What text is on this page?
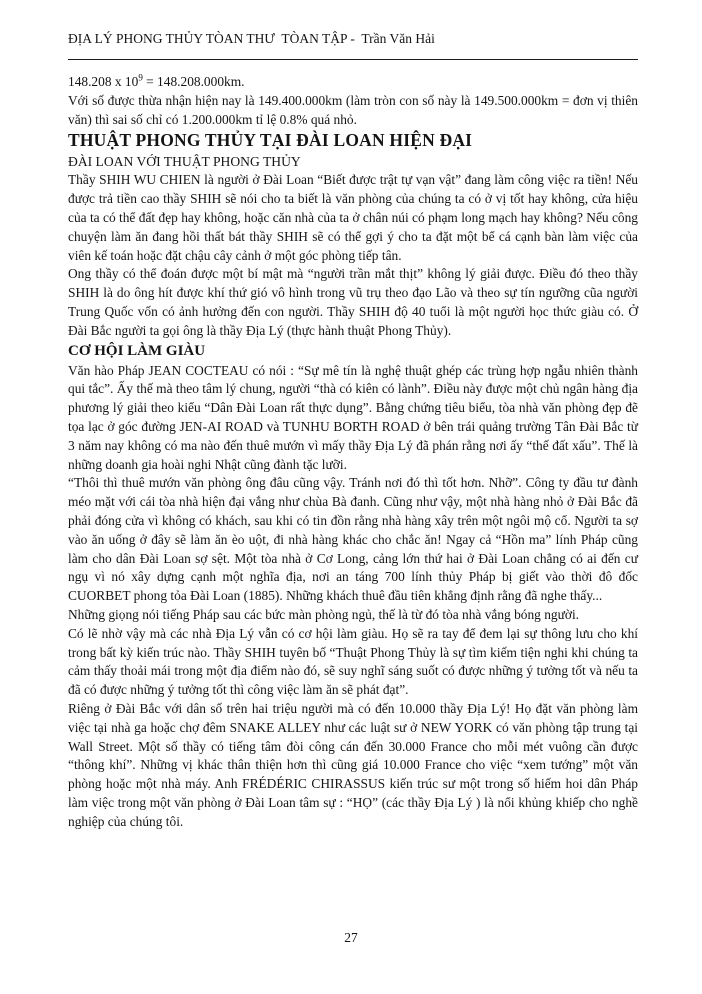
ĐỊA LÝ PHONG THỦY TÒAN THƯ  TÒAN TẬP -  Trần Văn Hải

148.208 x $10^9 = 148.208.000km$.

Với số được thừa nhận hiện nay là 149.400.000km (làm tròn con số này là 149.500.000km = đơn vị thiên văn) thì sai số chỉ có 1.200.000km tỉ lệ 0.8% quá nhỏ.

THUẬT PHONG THỦY TẠI ĐÀI LOAN HIỆN ĐẠI
ĐÀI LOAN VỚI THUẬT PHONG THỦY

Thầy SHIH WU CHIEN là người ở Đài Loan “Biết được trật tự vạn vật” đang làm công việc ra tiền! Nếu được trả tiền cao thầy SHIH sẽ nói cho ta biết là văn phòng của chúng ta có ở vị tốt hay không, cửa hiệu của ta có thể đất đẹp hay không, hoặc căn nhà của ta ở chân núi có phạm long mạch hay không? Nếu công chuyện làm ăn đang hồi thất bát thầy SHIH sẽ có thể gợi ý cho ta đặt một bể cá cạnh bàn làm việc của viên kế toán hoặc đặt chậu cây cảnh ở một góc phòng tiếp tân.

Ong thầy có thể đoán được một bí mật mà “người trần mắt thịt” không lý giải được. Điều đó theo thầy SHIH là do ông hít được khí thứ gió vô hình trong vũ trụ theo đạo Lão và theo sự tín ngưỡng cũa người Trung Quốc vốn có ảnh hưởng đến con người. Thầy SHIH độ 40 tuổi là một người học thức giàu có. Ở Đài Bắc người ta gọi ông là thầy Địa Lý (thực hành thuật Phong Thủy).

CƠ HỘI LÀM GIÀU

Văn hào Pháp JEAN COCTEAU có nói : “Sự mê tín là nghệ thuật ghép các trùng hợp ngẫu nhiên thành qui tắc”. Ấy thế mà theo tâm lý chung, người “thà có kiên có lành”. Điều này được một chủ ngân hàng địa phương lý giải theo kiểu “Dân Đài Loan rất thực dụng”. Bằng chứng tiêu biểu, tòa nhà văn phòng đẹp đẽ tọa lạc ở góc đường JEN-AI ROAD và TUNHU BORTH ROAD ở bên trái quảng trường Tân Đài Bắc từ 3 năm nay không có ma nào đến thuê mướn vì mấy thầy Địa Lý đã phán rằng nơi ấy “thế đất xấu”. Thế là những doanh gia hoài nghi Nhật cũng đành tặc lưỡi.

“Thôi thì thuê mướn văn phòng ông đâu cũng vậy. Tránh nơi đó thì tốt hơn. Nhỡ”. Công ty đầu tư đành méo mặt với cái tòa nhà hiện đại vắng như chùa Bà đanh. Cũng như vậy, một nhà hàng nhỏ ở Đài Bắc đã phải đóng cửa vì không có khách, sau khi có tin đồn rằng nhà hàng xây trên một ngôi mộ cổ. Người ta sợ vào ăn uống ở đây sẽ làm ăn èo uột, đi nhà hàng khác cho chắc ăn! Ngay cả “Hồn ma” lính Pháp cũng làm cho dân Đài Loan sợ sệt. Một tòa nhà ở Cơ Long, cảng lớn thứ hai ở Đài Loan chẳng có ai đến cư ngụ vì nó xây dựng cạnh một nghĩa địa, nơi an táng 700 lính thủy Pháp bị giết vào thời đô đốc CUORBET phong tỏa Đài Loan (1885). Những khách thuê đầu tiên khẳng định rằng đã nghe thấy...

Những giọng nói tiếng Pháp sau các bức màn phòng ngủ, thế là từ đó tòa nhà vắng bóng người.

Có lẽ nhờ vậy mà các nhà Địa Lý vẫn có cơ hội làm giàu. Họ sẽ ra tay để đem lại sự thông lưu cho khí trong bất kỳ kiến trúc nào. Thầy SHIH tuyên bố “Thuật Phong Thủy là sự tìm kiếm tiện nghi khi chúng ta cảm thấy thoải mái trong một địa điểm nào đó, sẽ suy nghĩ sáng suốt có được những ý tưởng tốt và nếu ta đã có được những ý tưởng tốt thì công việc làm ăn sẽ phát đạt”.

Riêng ở Đài Bắc với dân số trên hai triệu người mà có đến 10.000 thầy Địa Lý! Họ đặt văn phòng làm việc tại nhà ga hoặc chợ đêm SNAKE ALLEY như các luật sư ở NEW YORK có văn phòng tập trung tại Wall Street. Một số thầy có tiếng tâm đòi công cán đến 30.000 France cho mỗi mét vuông cần được “thông khí”. Những vị khác thân thiện hơn thì cũng giá 10.000 France cho việc “xem tướng” một văn phòng hoặc một nhà máy. Anh FRÉDÉRIC CHIRASSUS kiến trúc sư một trong số hiếm hoi dân Pháp làm việc trong một văn phòng ở Đài Loan tâm sự : “HỌ” (các thầy Địa Lý ) là nổi khủng khiếp cho nghề nghiệp của chúng tôi.

27
